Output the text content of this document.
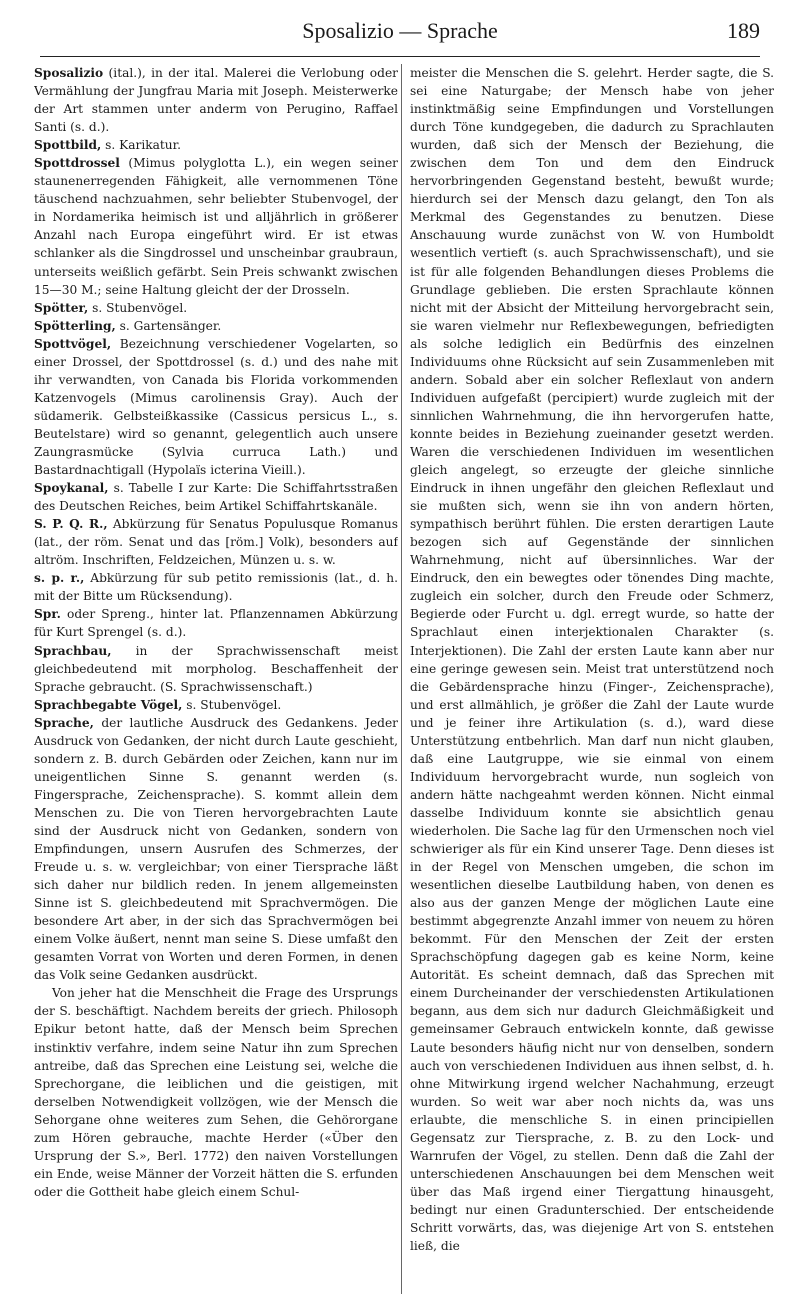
Sposalizio — Sprache	189

Sposalizio (ital.), in der ital. Malerei die Verlobung oder Vermählung der Jungfrau Maria mit Joseph. Meisterwerke der Art stammen unter anderm von Perugino, Raffael Santi (s. d.).

Spottbild, s. Karikatur.

Spottdrossel (Mimus polyglotta L.), ein wegen seiner staunenerregenden Fähigkeit, alle vernommenen Töne täuschend nachzuahmen, sehr beliebter Stubenvogel, der in Nordamerika heimisch ist und alljährlich in größerer Anzahl nach Europa eingeführt wird. Er ist etwas schlanker als die Singdrossel und unscheinbar graubraun, unterseits weißlich gefärbt. Sein Preis schwankt zwischen 15—30 M.; seine Haltung gleicht der der Drosseln.

Spötter, s. Stubenvögel.

Spötterling, s. Gartensänger.

Spottvögel, Bezeichnung verschiedener Vogelarten, so einer Drossel, der Spottdrossel (s. d.) und des nahe mit ihr verwandten, von Canada bis Florida vorkommenden Katzenvogels (Mimus carolinensis Gray). Auch der südamerik. Gelbsteißkassike (Cassicus persicus L., s. Beutelstare) wird so genannt, gelegentlich auch unsere Zaungrasmücke (Sylvia curruca Lath.) und Bastardnachtigall (Hypolaïs icterina Vieill.).

Spoykanal, s. Tabelle I zur Karte: Die Schiffahrtsstraßen des Deutschen Reiches, beim Artikel Schiffahrtskanäle.

S. P. Q. R., Abkürzung für Senatus Populusque Romanus (lat., der röm. Senat und das [röm.] Volk), besonders auf altröm. Inschriften, Feldzeichen, Münzen u. s. w.

s. p. r., Abkürzung für sub petito remissionis (lat., d. h. mit der Bitte um Rücksendung).

Spr. oder Spreng., hinter lat. Pflanzennamen Abkürzung für Kurt Sprengel (s. d.).

Sprachbau, in der Sprachwissenschaft meist gleichbedeutend mit morpholog. Beschaffenheit der Sprache gebraucht. (S. Sprachwissenschaft.)

Sprachbegabte Vögel, s. Stubenvögel.

Sprache, der lautliche Ausdruck des Gedankens. Jeder Ausdruck von Gedanken, der nicht durch Laute geschieht, sondern z. B. durch Gebärden oder Zeichen, kann nur im uneigentlichen Sinne S. genannt werden (s. Fingersprache, Zeichensprache). S. kommt allein dem Menschen zu. Die von Tieren hervorgebrachten Laute sind der Ausdruck nicht von Gedanken, sondern von Empfindungen, unsern Ausrufen des Schmerzes, der Freude u. s. w. vergleichbar; von einer Tiersprache läßt sich daher nur bildlich reden. In jenem allgemeinsten Sinne ist S. gleichbedeutend mit Sprachvermögen. Die besondere Art aber, in der sich das Sprachvermögen bei einem Volke äußert, nennt man seine S. Diese umfaßt den gesamten Vorrat von Worten und deren Formen, in denen das Volk seine Gedanken ausdrückt.

Von jeher hat die Menschheit die Frage des Ursprungs der S. beschäftigt. Nachdem bereits der griech. Philosoph Epikur betont hatte, daß der Mensch beim Sprechen instinktiv verfahre, indem seine Natur ihn zum Sprechen antreibe, daß das Sprechen eine Leistung sei, welche die Sprechorgane, die leiblichen und die geistigen, mit derselben Notwendigkeit vollzögen, wie der Mensch die Sehorgane ohne weiteres zum Sehen, die Gehörorgane zum Hören gebrauche, machte Herder («Über den Ursprung der S.», Berl. 1772) den naiven Vorstellungen ein Ende, weise Männer der Vorzeit hätten die S. erfunden oder die Gottheit habe gleich einem Schul-

meister die Menschen die S. gelehrt. Herder sagte, die S. sei eine Naturgabe; der Mensch habe von jeher instinktmäßig seine Empfindungen und Vorstellungen durch Töne kundgegeben, die dadurch zu Sprachlauten wurden, daß sich der Mensch der Beziehung, die zwischen dem Ton und dem den Eindruck hervorbringenden Gegenstand besteht, bewußt wurde; hierdurch sei der Mensch dazu gelangt, den Ton als Merkmal des Gegenstandes zu benutzen. Diese Anschauung wurde zunächst von W. von Humboldt wesentlich vertieft (s. auch Sprachwissenschaft), und sie ist für alle folgenden Behandlungen dieses Problems die Grundlage geblieben. Die ersten Sprachlaute können nicht mit der Absicht der Mitteilung hervorgebracht sein, sie waren vielmehr nur Reflexbewegungen, befriedigten als solche lediglich ein Bedürfnis des einzelnen Individuums ohne Rücksicht auf sein Zusammenleben mit andern. Sobald aber ein solcher Reflexlaut von andern Individuen aufgefaßt (percipiert) wurde zugleich mit der sinnlichen Wahrnehmung, die ihn hervorgerufen hatte, konnte beides in Beziehung zueinander gesetzt werden. Waren die verschiedenen Individuen im wesentlichen gleich angelegt, so erzeugte der gleiche sinnliche Eindruck in ihnen ungefähr den gleichen Reflexlaut und sie mußten sich, wenn sie ihn von andern hörten, sympathisch berührt fühlen. Die ersten derartigen Laute bezogen sich auf Gegenstände der sinnlichen Wahrnehmung, nicht auf übersinnliches. War der Eindruck, den ein bewegtes oder tönendes Ding machte, zugleich ein solcher, durch den Freude oder Schmerz, Begierde oder Furcht u. dgl. erregt wurde, so hatte der Sprachlaut einen interjektionalen Charakter (s. Interjektionen). Die Zahl der ersten Laute kann aber nur eine geringe gewesen sein. Meist trat unterstützend noch die Gebärdensprache hinzu (Finger-, Zeichensprache), und erst allmählich, je größer die Zahl der Laute wurde und je feiner ihre Artikulation (s. d.), ward diese Unterstützung entbehrlich. Man darf nun nicht glauben, daß eine Lautgruppe, wie sie einmal von einem Individuum hervorgebracht wurde, nun sogleich von andern hätte nachgeahmt werden können. Nicht einmal dasselbe Individuum konnte sie absichtlich genau wiederholen. Die Sache lag für den Urmenschen noch viel schwieriger als für ein Kind unserer Tage. Denn dieses ist in der Regel von Menschen umgeben, die schon im wesentlichen dieselbe Lautbildung haben, von denen es also aus der ganzen Menge der möglichen Laute eine bestimmt abgegrenzte Anzahl immer von neuem zu hören bekommt. Für den Menschen der Zeit der ersten Sprachschöpfung dagegen gab es keine Norm, keine Autorität. Es scheint demnach, daß das Sprechen mit einem Durcheinander der verschiedensten Artikulationen begann, aus dem sich nur dadurch Gleichmäßigkeit und gemeinsamer Gebrauch entwickeln konnte, daß gewisse Laute besonders häufig nicht nur von denselben, sondern auch von verschiedenen Individuen aus ihnen selbst, d. h. ohne Mitwirkung irgend welcher Nachahmung, erzeugt wurden. So weit war aber noch nichts da, was uns erlaubte, die menschliche S. in einen principiellen Gegensatz zur Tiersprache, z. B. zu den Lock- und Warnrufen der Vögel, zu stellen. Denn daß die Zahl der unterschiedenen Anschauungen bei dem Menschen weit über das Maß irgend einer Tiergattung hinausgeht, bedingt nur einen Gradunterschied. Der entscheidende Schritt vorwärts, das, was diejenige Art von S. entstehen ließ, die
